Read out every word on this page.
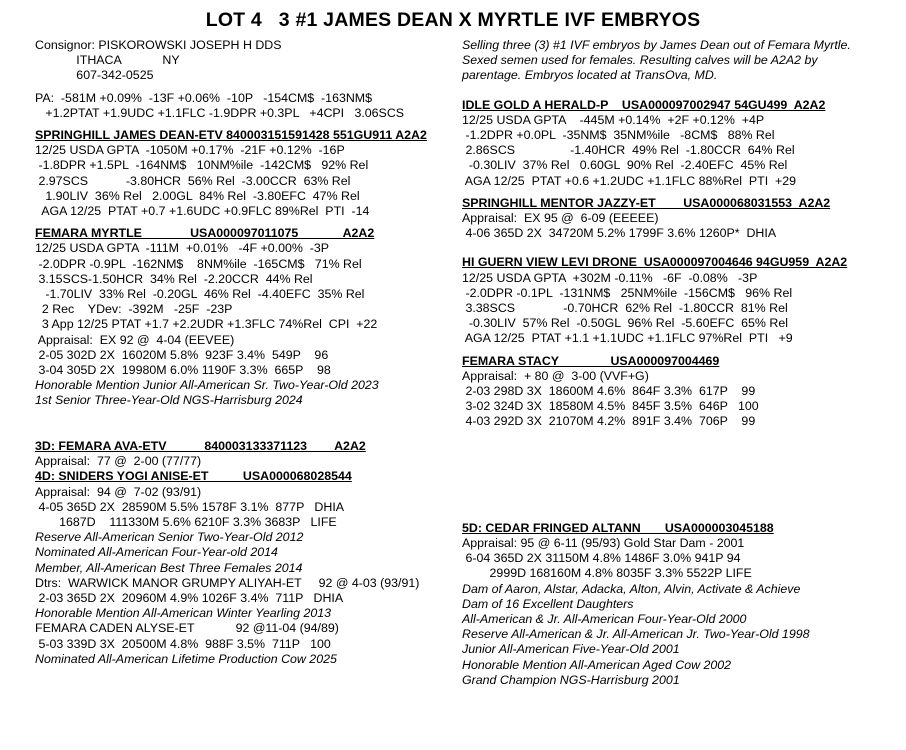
LOT 4   3 #1 JAMES DEAN X MYRTLE IVF EMBRYOS
Consignor: PISKOROWSKI JOSEPH H DDS
ITHACA            NY
607-342-0525
PA:  -581M +0.09%  -13F +0.06%  -10P   -154CM$  -163NM$
+1.2PTAT +1.9UDC +1.1FLC -1.9DPR +0.3PL   +4CPI   3.06SCS
SPRINGHILL JAMES DEAN-ETV 840003151591428 551GU911 A2A2
12/25 USDA GPTA  -1050M +0.17%  -21F +0.12%  -16P
-1.8DPR +1.5PL  -164NM$   10NM%ile  -142CM$   92% Rel
2.97SCS           -3.80HCR  56% Rel  -3.00CCR  63% Rel
1.90LIV  36% Rel   2.00GL  84% Rel  -3.80EFC  47% Rel
AGA 12/25  PTAT +0.7 +1.6UDC +0.9FLC 89%Rel  PTI  -14
FEMARA MYRTLE              USA000097011075             A2A2
12/25 USDA GPTA  -111M  +0.01%   -4F +0.00%  -3P
-2.0DPR -0.9PL  -162NM$    8NM%ile  -165CM$   71% Rel
3.15SCS-1.50HCR  34% Rel  -2.20CCR  44% Rel
-1.70LIV  33% Rel  -0.20GL  46% Rel  -4.40EFC  35% Rel
2 Rec    YDev:  -392M   -25F  -23P
3 App 12/25 PTAT +1.7 +2.2UDR +1.3FLC 74%Rel  CPI  +22
Appraisal:  EX 92 @  4-04 (EEVEE)
2-05 302D 2X  16020M 5.8%  923F 3.4%  549P    96
3-04 305D 2X  19980M 6.0% 1190F 3.3%  665P    98
Honorable Mention Junior All-American Sr. Two-Year-Old 2023
1st Senior Three-Year-Old NGS-Harrisburg 2024
3D: FEMARA AVA-ETV           840003133371123        A2A2
Appraisal:  77 @  2-00 (77/77)
4D: SNIDERS YOGI ANISE-ET          USA000068028544
Appraisal:  94 @  7-02 (93/91)
4-05 365D 2X  28590M 5.5% 1578F 3.1%  877P   DHIA
1687D    111330M 5.6% 6210F 3.3% 3683P   LIFE
Reserve All-American Senior Two-Year-Old 2012
Nominated All-American Four-Year-old 2014
Member, All-American Best Three Females 2014
Dtrs:  WARWICK MANOR GRUMPY ALIYAH-ET     92 @ 4-03 (93/91)
2-03 365D 2X  20960M 4.9% 1026F 3.4%  711P   DHIA
Honorable Mention All-American Winter Yearling 2013
FEMARA CADEN ALYSE-ET            92 @11-04 (94/89)
5-03 339D 3X  20500M 4.8%  988F 3.5%  711P   100
Nominated All-American Lifetime Production Cow 2025
Selling three (3) #1 IVF embryos by James Dean out of Femara Myrtle.
Sexed semen used for females. Resulting calves will be A2A2 by
parentage. Embryos located at TransOva, MD.
IDLE GOLD A HERALD-P    USA000097002947 54GU499  A2A2
12/25 USDA GPTA    -445M +0.14%  +2F +0.12%  +4P
-1.2DPR +0.0PL  -35NM$  35NM%ile   -8CM$   88% Rel
2.86SCS                -1.40HCR  49% Rel  -1.80CCR  64% Rel
-0.30LIV  37% Rel   0.60GL  90% Rel  -2.40EFC  45% Rel
AGA 12/25  PTAT +0.6 +1.2UDC +1.1FLC 88%Rel  PTI  +29
SPRINGHILL MENTOR JAZZY-ET        USA000068031553  A2A2
Appraisal:  EX 95 @  6-09 (EEEEE)
4-06 365D 2X  34720M 5.2% 1799F 3.6% 1260P*  DHIA
HI GUERN VIEW LEVI DRONE  USA000097004646 94GU959  A2A2
12/25 USDA GPTA  +302M -0.11%   -6F  -0.08%   -3P
-2.0DPR -0.1PL  -131NM$   25NM%ile  -156CM$   96% Rel
3.38SCS              -0.70HCR  62% Rel  -1.80CCR  81% Rel
-0.30LIV  57% Rel  -0.50GL  96% Rel  -5.60EFC  65% Rel
AGA 12/25  PTAT +1.1 +1.1UDC +1.1FLC 97%Rel  PTI   +9
FEMARA STACY               USA000097004469
Appraisal:  + 80 @  3-00 (VVF+G)
2-03 298D 3X  18600M 4.6%  864F 3.3%  617P    99
3-02 324D 3X  18580M 4.5%  845F 3.5%  646P   100
4-03 292D 3X  21070M 4.2%  891F 3.4%  706P    99
5D: CEDAR FRINGED ALTANN       USA000003045188
Appraisal: 95 @ 6-11 (95/93) Gold Star Dam - 2001
6-04 365D 2X 31150M 4.8% 1486F 3.0% 941P 94
2999D 168160M 4.8% 8035F 3.3% 5522P LIFE
Dam of Aaron, Alstar, Adacka, Alton, Alvin, Activate & Achieve
Dam of 16 Excellent Daughters
All-American & Jr. All-American Four-Year-Old 2000
Reserve All-American & Jr. All-American Jr. Two-Year-Old 1998
Junior All-American Five-Year-Old 2001
Honorable Mention All-American Aged Cow 2002
Grand Champion NGS-Harrisburg 2001
